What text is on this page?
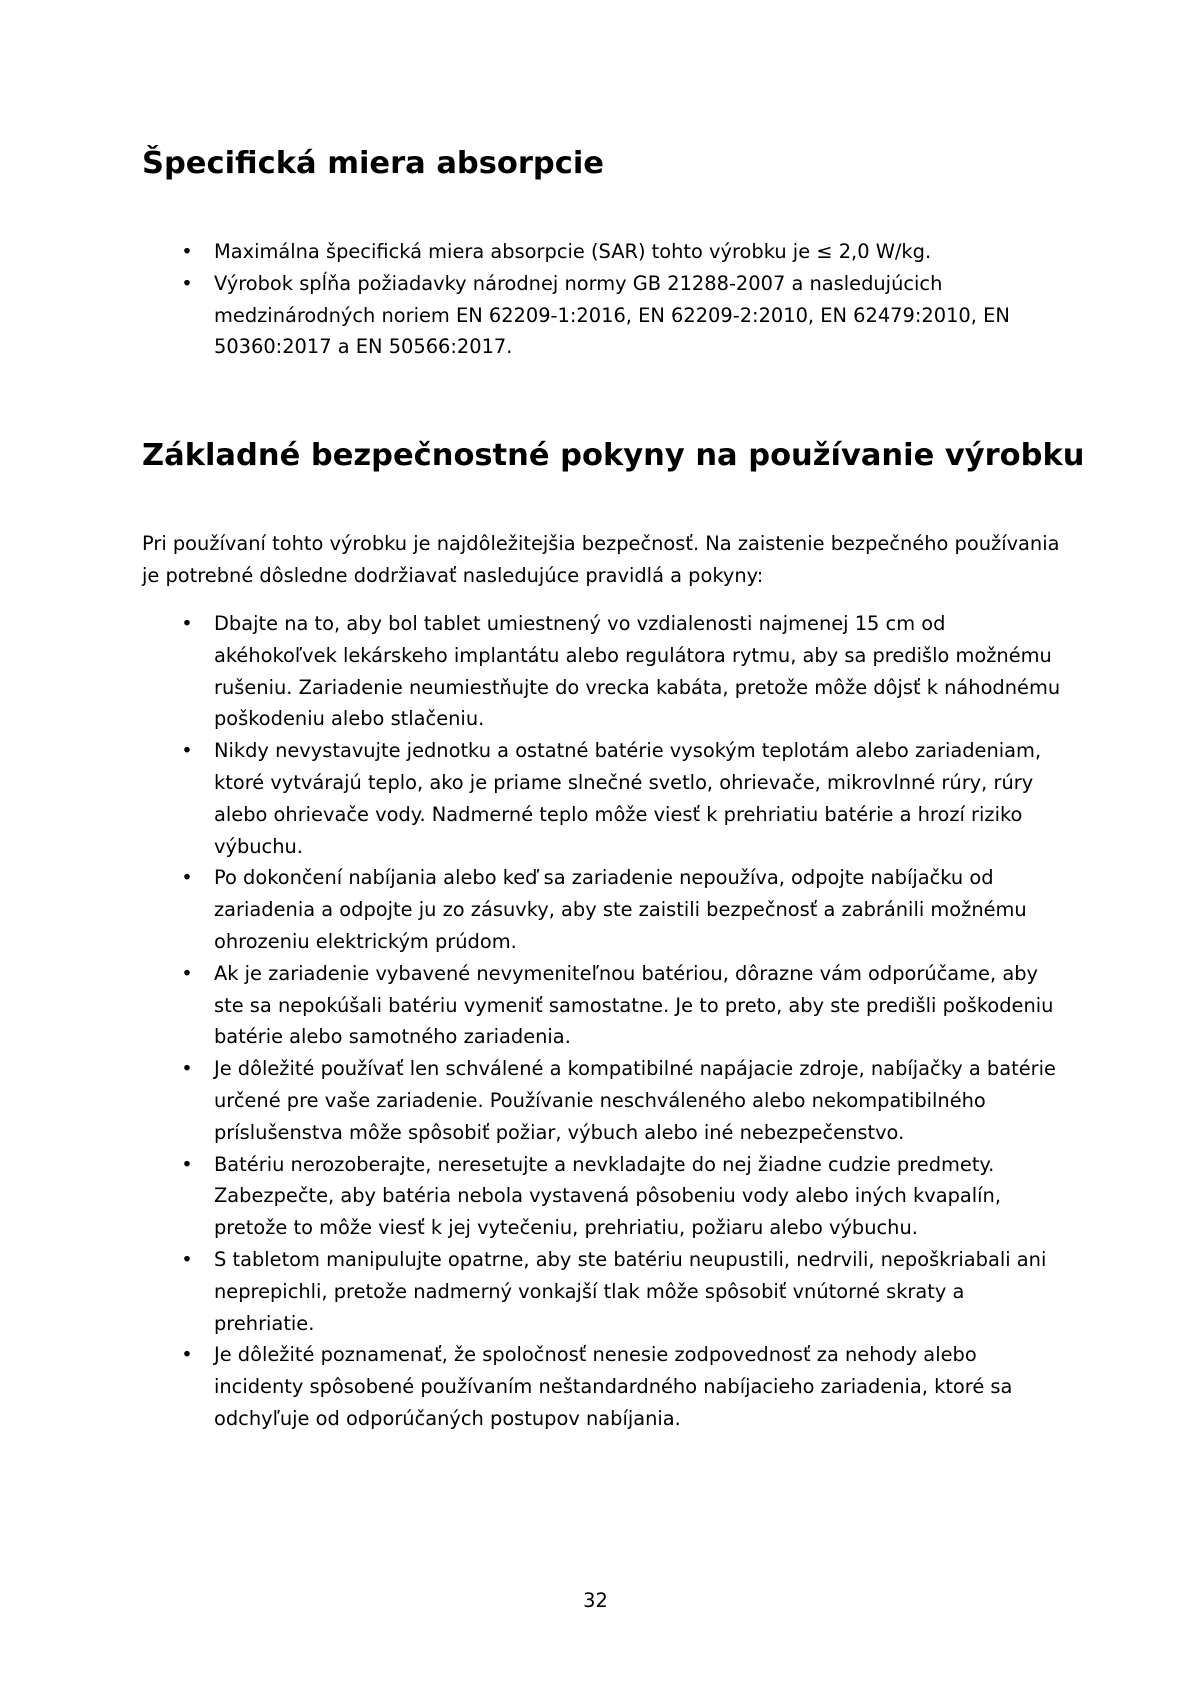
Špecifická miera absorpcie
• Maximálna špecifická miera absorpcie (SAR) tohto výrobku je ≤ 2,0 W/kg.
• Výrobok spĺňa požiadavky národnej normy GB 21288-2007 a nasledujúcich medzinárodných noriem EN 62209-1:2016, EN 62209-2:2010, EN 62479:2010, EN 50360:2017 a EN 50566:2017.
Základné bezpečnostné pokyny na používanie výrobku

Pri používaní tohto výrobku je najdôležitejšia bezpečnosť. Na zaistenie bezpečného používania je potrebné dôsledne dodržiavať nasledujúce pravidlá a pokyny:

• Dbajte na to, aby bol tablet umiestnený vo vzdialenosti najmenej 15 cm od akéhokoľvek lekárskeho implantátu alebo regulátora rytmu, aby sa predišlo možnému rušeniu. Zariadenie neumiestňujte do vrecka kabáta, pretože môže dôjsť k náhodnému poškodeniu alebo stlačeniu.
• Nikdy nevystavujte jednotku a ostatné batérie vysokým teplotám alebo zariadeniam, ktoré vytvárajú teplo, ako je priame slnečné svetlo, ohrievače, mikrovlnné rúry, rúry alebo ohrievače vody. Nadmerné teplo môže viesť k prehriatiu batérie a hrozí riziko výbuchu.
• Po dokončení nabíjania alebo keď sa zariadenie nepoužíva, odpojte nabíjačku od zariadenia a odpojte ju zo zásuvky, aby ste zaistili bezpečnosť a zabránili možnému ohrozeniu elektrickým prúdom.
• Ak je zariadenie vybavené nevymeniteľnou batériou, dôrazne vám odporúčame, aby ste sa nepokúšali batériu vymeniť samostatne. Je to preto, aby ste predišli poškodeniu batérie alebo samotného zariadenia.
• Je dôležité používať len schválené a kompatibilné napájacie zdroje, nabíjačky a batérie určené pre vaše zariadenie. Používanie neschváleného alebo nekompatibilného príslušenstva môže spôsobiť požiar, výbuch alebo iné nebezpečenstvo.
• Batériu nerozoberajte, neresetujte a nevkladajte do nej žiadne cudzie predmety. Zabezpečte, aby batéria nebola vystavená pôsobeniu vody alebo iných kvapalín, pretože to môže viesť k jej vytečeniu, prehriatiu, požiaru alebo výbuchu.
• S tabletom manipulujte opatrne, aby ste batériu neupustili, nedrvili, nepoškriabali ani neprepichli, pretože nadmerný vonkajší tlak môže spôsobiť vnútorné skraty a prehriatie.
• Je dôležité poznamenať, že spoločnosť nenesie zodpovednosť za nehody alebo incidenty spôsobené používaním neštandardného nabíjacieho zariadenia, ktoré sa odchyľuje od odporúčaných postupov nabíjania.
32
